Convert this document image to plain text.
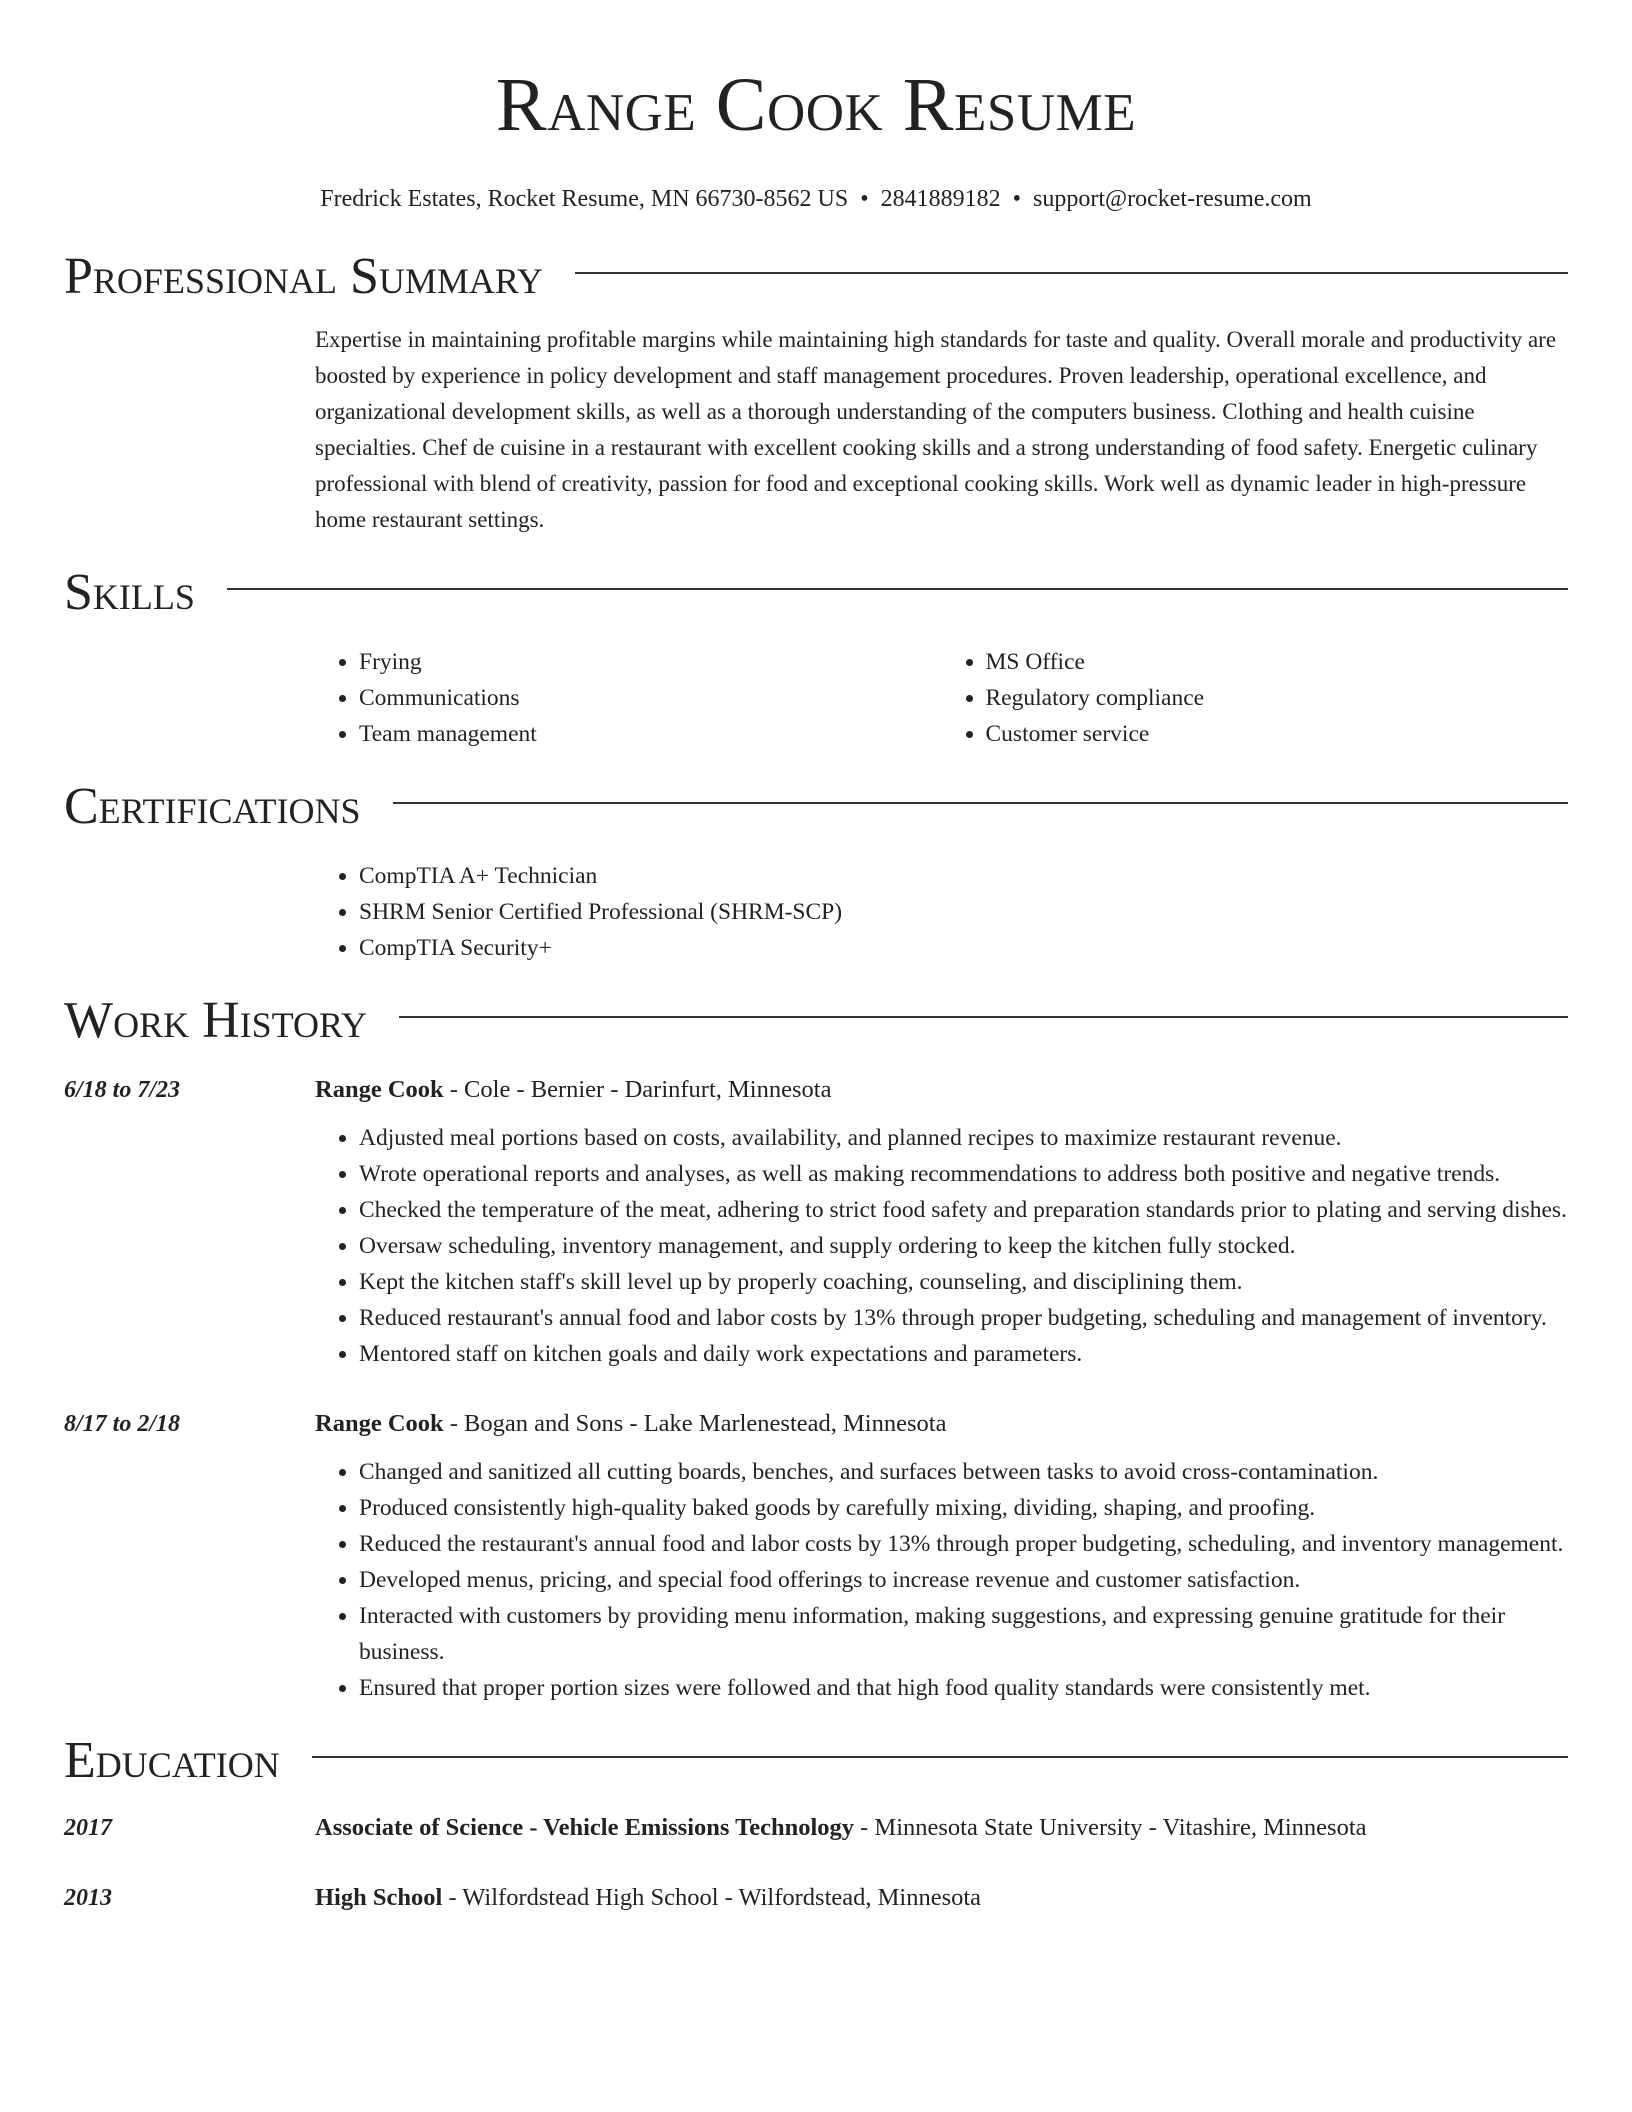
Range Cook Resume
Fredrick Estates, Rocket Resume, MN 66730-8562 US • 2841889182 • support@rocket-resume.com
Professional Summary

Expertise in maintaining profitable margins while maintaining high standards for taste and quality. Overall morale and productivity are boosted by experience in policy development and staff management procedures. Proven leadership, operational excellence, and organizational development skills, as well as a thorough understanding of the computers business. Clothing and health cuisine specialties. Chef de cuisine in a restaurant with excellent cooking skills and a strong understanding of food safety. Energetic culinary professional with blend of creativity, passion for food and exceptional cooking skills. Work well as dynamic leader in high-pressure home restaurant settings.

Skills
• Frying
• Communications
• Team management
• MS Office
• Regulatory compliance
• Customer service
Certifications
• CompTIA A+ Technician
• SHRM Senior Certified Professional (SHRM-SCP)
• CompTIA Security+
Work History
6/18 to 7/23	Range Cook - Cole - Bernier - Darinfurt, Minnesota
• Adjusted meal portions based on costs, availability, and planned recipes to maximize restaurant revenue.
• Wrote operational reports and analyses, as well as making recommendations to address both positive and negative trends.
• Checked the temperature of the meat, adhering to strict food safety and preparation standards prior to plating and serving dishes.
• Oversaw scheduling, inventory management, and supply ordering to keep the kitchen fully stocked.
• Kept the kitchen staff's skill level up by properly coaching, counseling, and disciplining them.
• Reduced restaurant's annual food and labor costs by 13% through proper budgeting, scheduling and management of inventory.
• Mentored staff on kitchen goals and daily work expectations and parameters.
8/17 to 2/18	Range Cook - Bogan and Sons - Lake Marlenestead, Minnesota
• Changed and sanitized all cutting boards, benches, and surfaces between tasks to avoid cross-contamination.
• Produced consistently high-quality baked goods by carefully mixing, dividing, shaping, and proofing.
• Reduced the restaurant's annual food and labor costs by 13% through proper budgeting, scheduling, and inventory management.
• Developed menus, pricing, and special food offerings to increase revenue and customer satisfaction.
• Interacted with customers by providing menu information, making suggestions, and expressing genuine gratitude for their business.
• Ensured that proper portion sizes were followed and that high food quality standards were consistently met.
Education
2017	Associate of Science - Vehicle Emissions Technology - Minnesota State University - Vitashire, Minnesota
2013	High School - Wilfordstead High School - Wilfordstead, Minnesota
